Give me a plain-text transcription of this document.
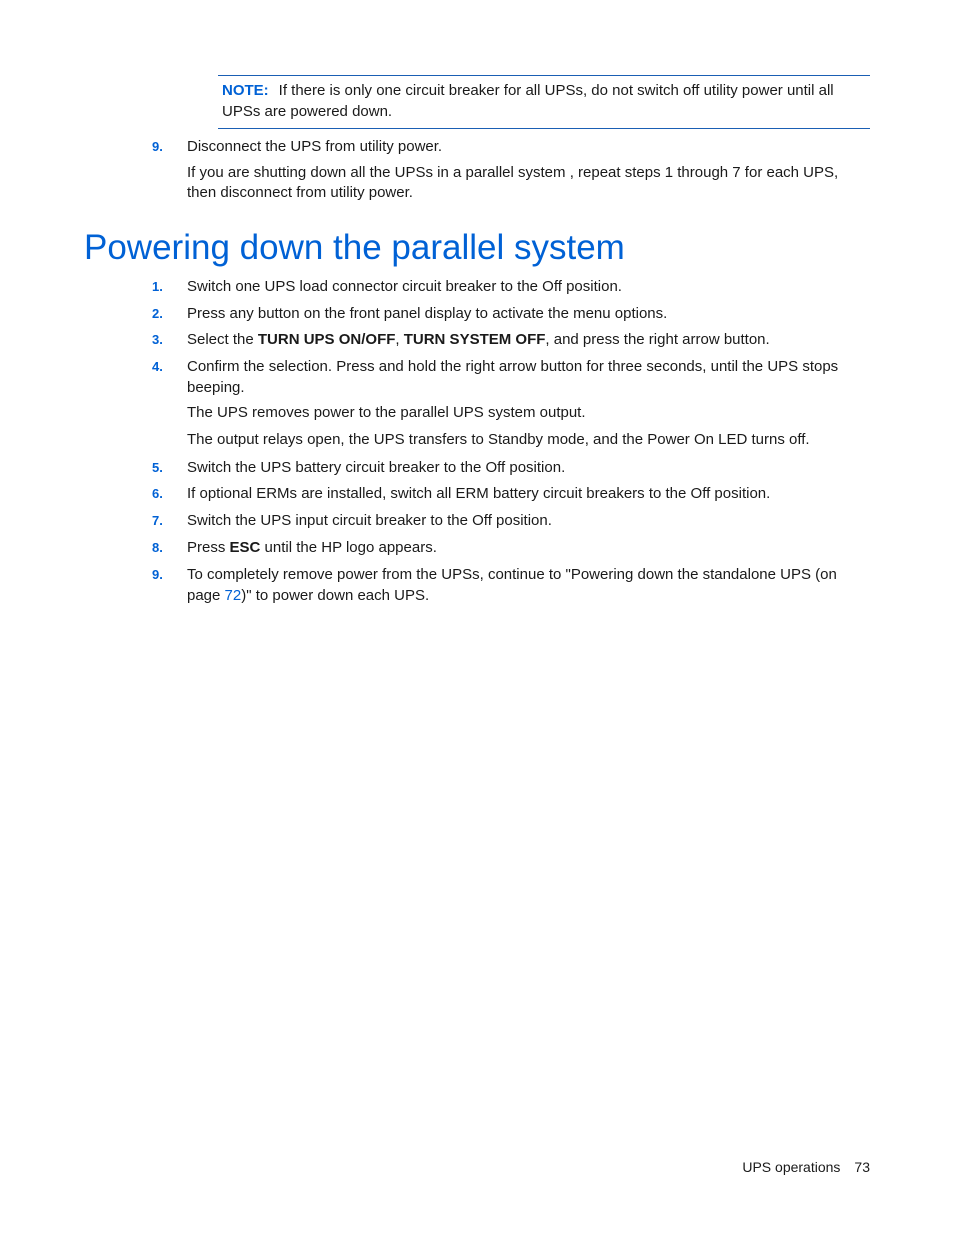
NOTE: If there is only one circuit breaker for all UPSs, do not switch off utility power until all UPSs are powered down.
9. Disconnect the UPS from utility power.
If you are shutting down all the UPSs in a parallel system , repeat steps 1 through 7 for each UPS, then disconnect from utility power.
Powering down the parallel system
1. Switch one UPS load connector circuit breaker to the Off position.
2. Press any button on the front panel display to activate the menu options.
3. Select the TURN UPS ON/OFF, TURN SYSTEM OFF, and press the right arrow button.
4. Confirm the selection. Press and hold the right arrow button for three seconds, until the UPS stops beeping.
The UPS removes power to the parallel UPS system output.
The output relays open, the UPS transfers to Standby mode, and the Power On LED turns off.
5. Switch the UPS battery circuit breaker to the Off position.
6. If optional ERMs are installed, switch all ERM battery circuit breakers to the Off position.
7. Switch the UPS input circuit breaker to the Off position.
8. Press ESC until the HP logo appears.
9. To completely remove power from the UPSs, continue to "Powering down the standalone UPS (on page 72)" to power down each UPS.
UPS operations 73
